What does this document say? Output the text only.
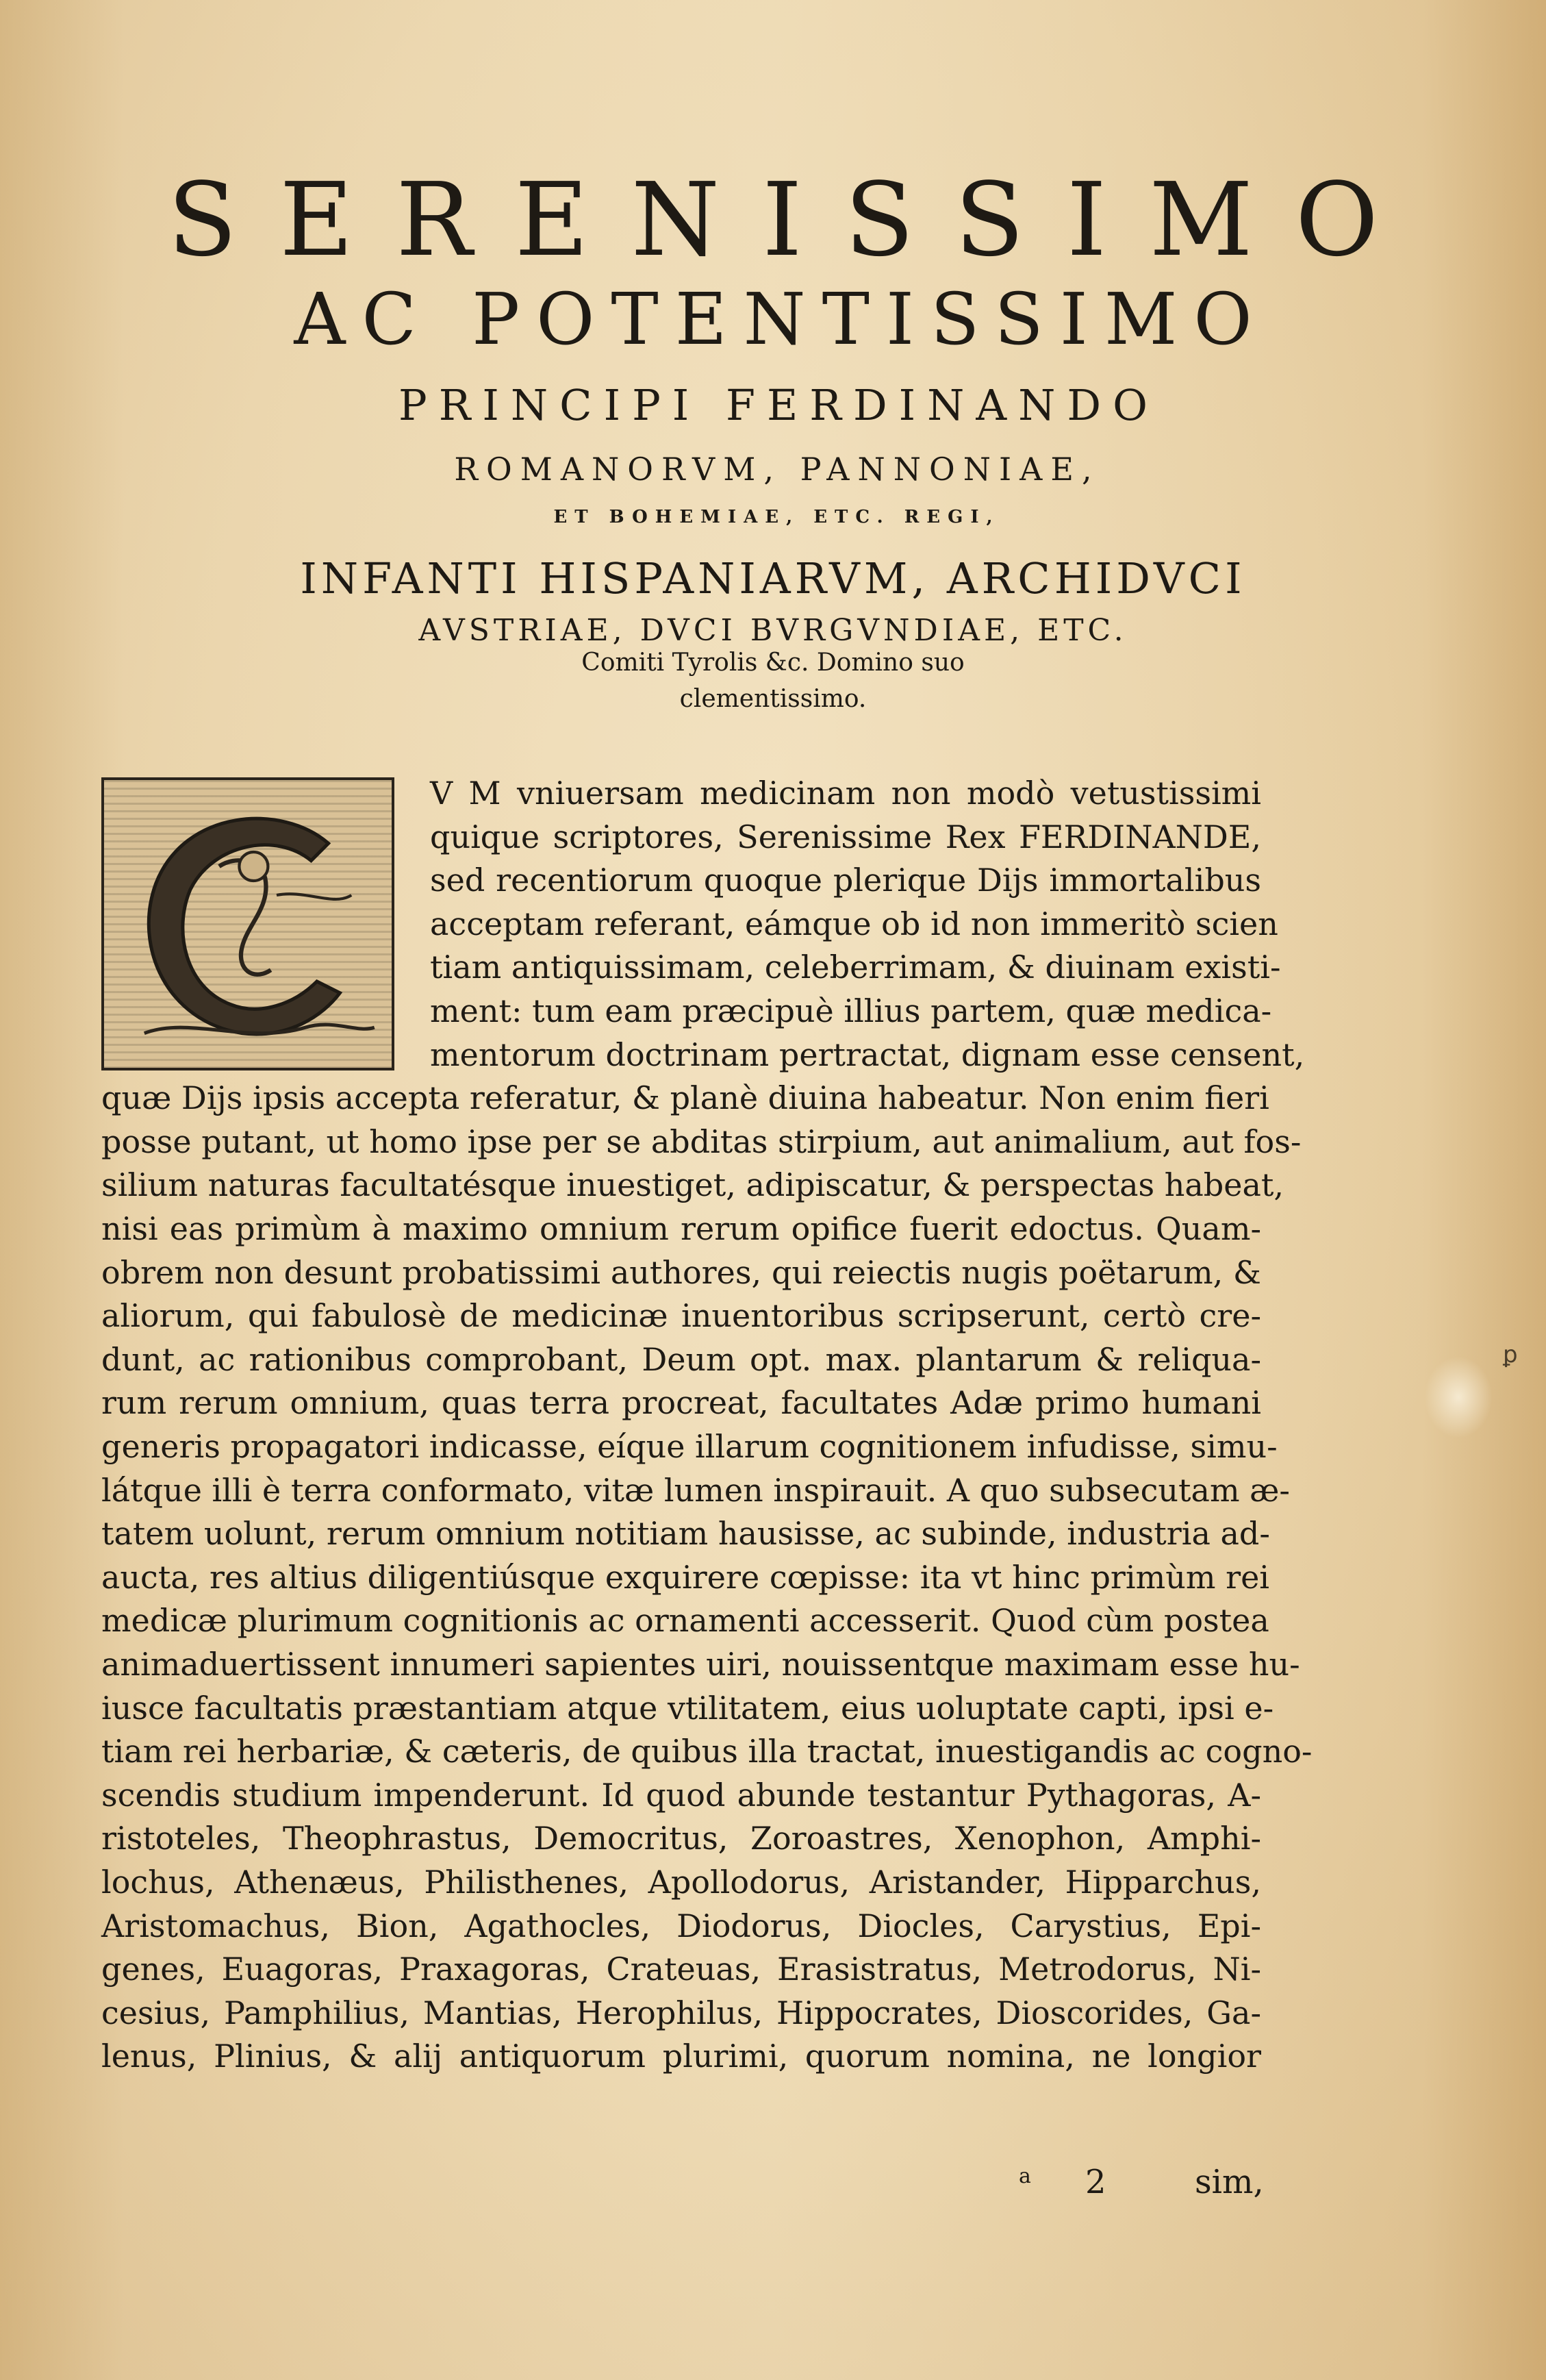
SERENISSIMO
AC POTENTISSIMO
PRINCIPI FERDINANDO
ROMANORVM, PANNONIAE,
ET BOHEMIAE, ETC. REGI,
INFANTI HISPANIARVM, ARCHIDVCI
AVSTRIAE, DVCI BVRGVNDIAE, ETC.
Comiti Tyrolis &c. Domino suo
clementissimo.
V M vniuersam medicinam non modò vetustissimi
quique scriptores, Serenissime Rex FERDINANDE,
sed recentiorum quoque plerique Dijs immortalibus
acceptam referant, eámque ob id non immeritò scien
tiam antiquissimam, celeberrimam, & diuinam existi-
ment: tum eam præcipuè illius partem, quæ medica-
mentorum doctrinam pertractat, dignam esse censent,
quæ Dijs ipsis accepta referatur, & planè diuina habeatur. Non enim fieri
posse putant, ut homo ipse per se abditas stirpium, aut animalium, aut fos-
silium naturas facultatésque inuestiget, adipiscatur, & perspectas habeat,
nisi eas primùm à maximo omnium rerum opifice fuerit edoctus. Quam-
obrem non desunt probatissimi authores, qui reiectis nugis poëtarum, &
aliorum, qui fabulosè de medicinæ inuentoribus scripserunt, certò cre-
dunt, ac rationibus comprobant, Deum opt. max. plantarum & reliqua-
rum rerum omnium, quas terra procreat, facultates Adæ primo humani
generis propagatori indicasse, eíque illarum cognitionem infudisse, simu-
látque illi è terra conformato, vitæ lumen inspirauit. A quo subsecutam æ-
tatem uolunt, rerum omnium notitiam hausisse, ac subinde, industria ad-
aucta, res altius diligentiúsque exquirere cœpisse: ita vt hinc primùm rei
medicæ plurimum cognitionis ac ornamenti accesserit. Quod cùm postea
animaduertissent innumeri sapientes uiri, nouissentque maximam esse hu-
iusce facultatis præstantiam atque vtilitatem, eius uoluptate capti, ipsi e-
tiam rei herbariæ, & cæteris, de quibus illa tractat, inuestigandis ac cogno-
scendis studium impenderunt. Id quod abunde testantur Pythagoras, A-
ristoteles, Theophrastus, Democritus, Zoroastres, Xenophon, Amphi-
lochus, Athenæus, Philisthenes, Apollodorus, Aristander, Hipparchus,
Aristomachus, Bion, Agathocles, Diodorus, Diocles, Carystius, Epi-
genes, Euagoras, Praxagoras, Crateuas, Erasistratus, Metrodorus, Ni-
cesius, Pamphilius, Mantias, Herophilus, Hippocrates, Dioscorides, Ga-
lenus, Plinius, & alij antiquorum plurimi, quorum nomina, ne longior
a 2	sim,
ꝑ
